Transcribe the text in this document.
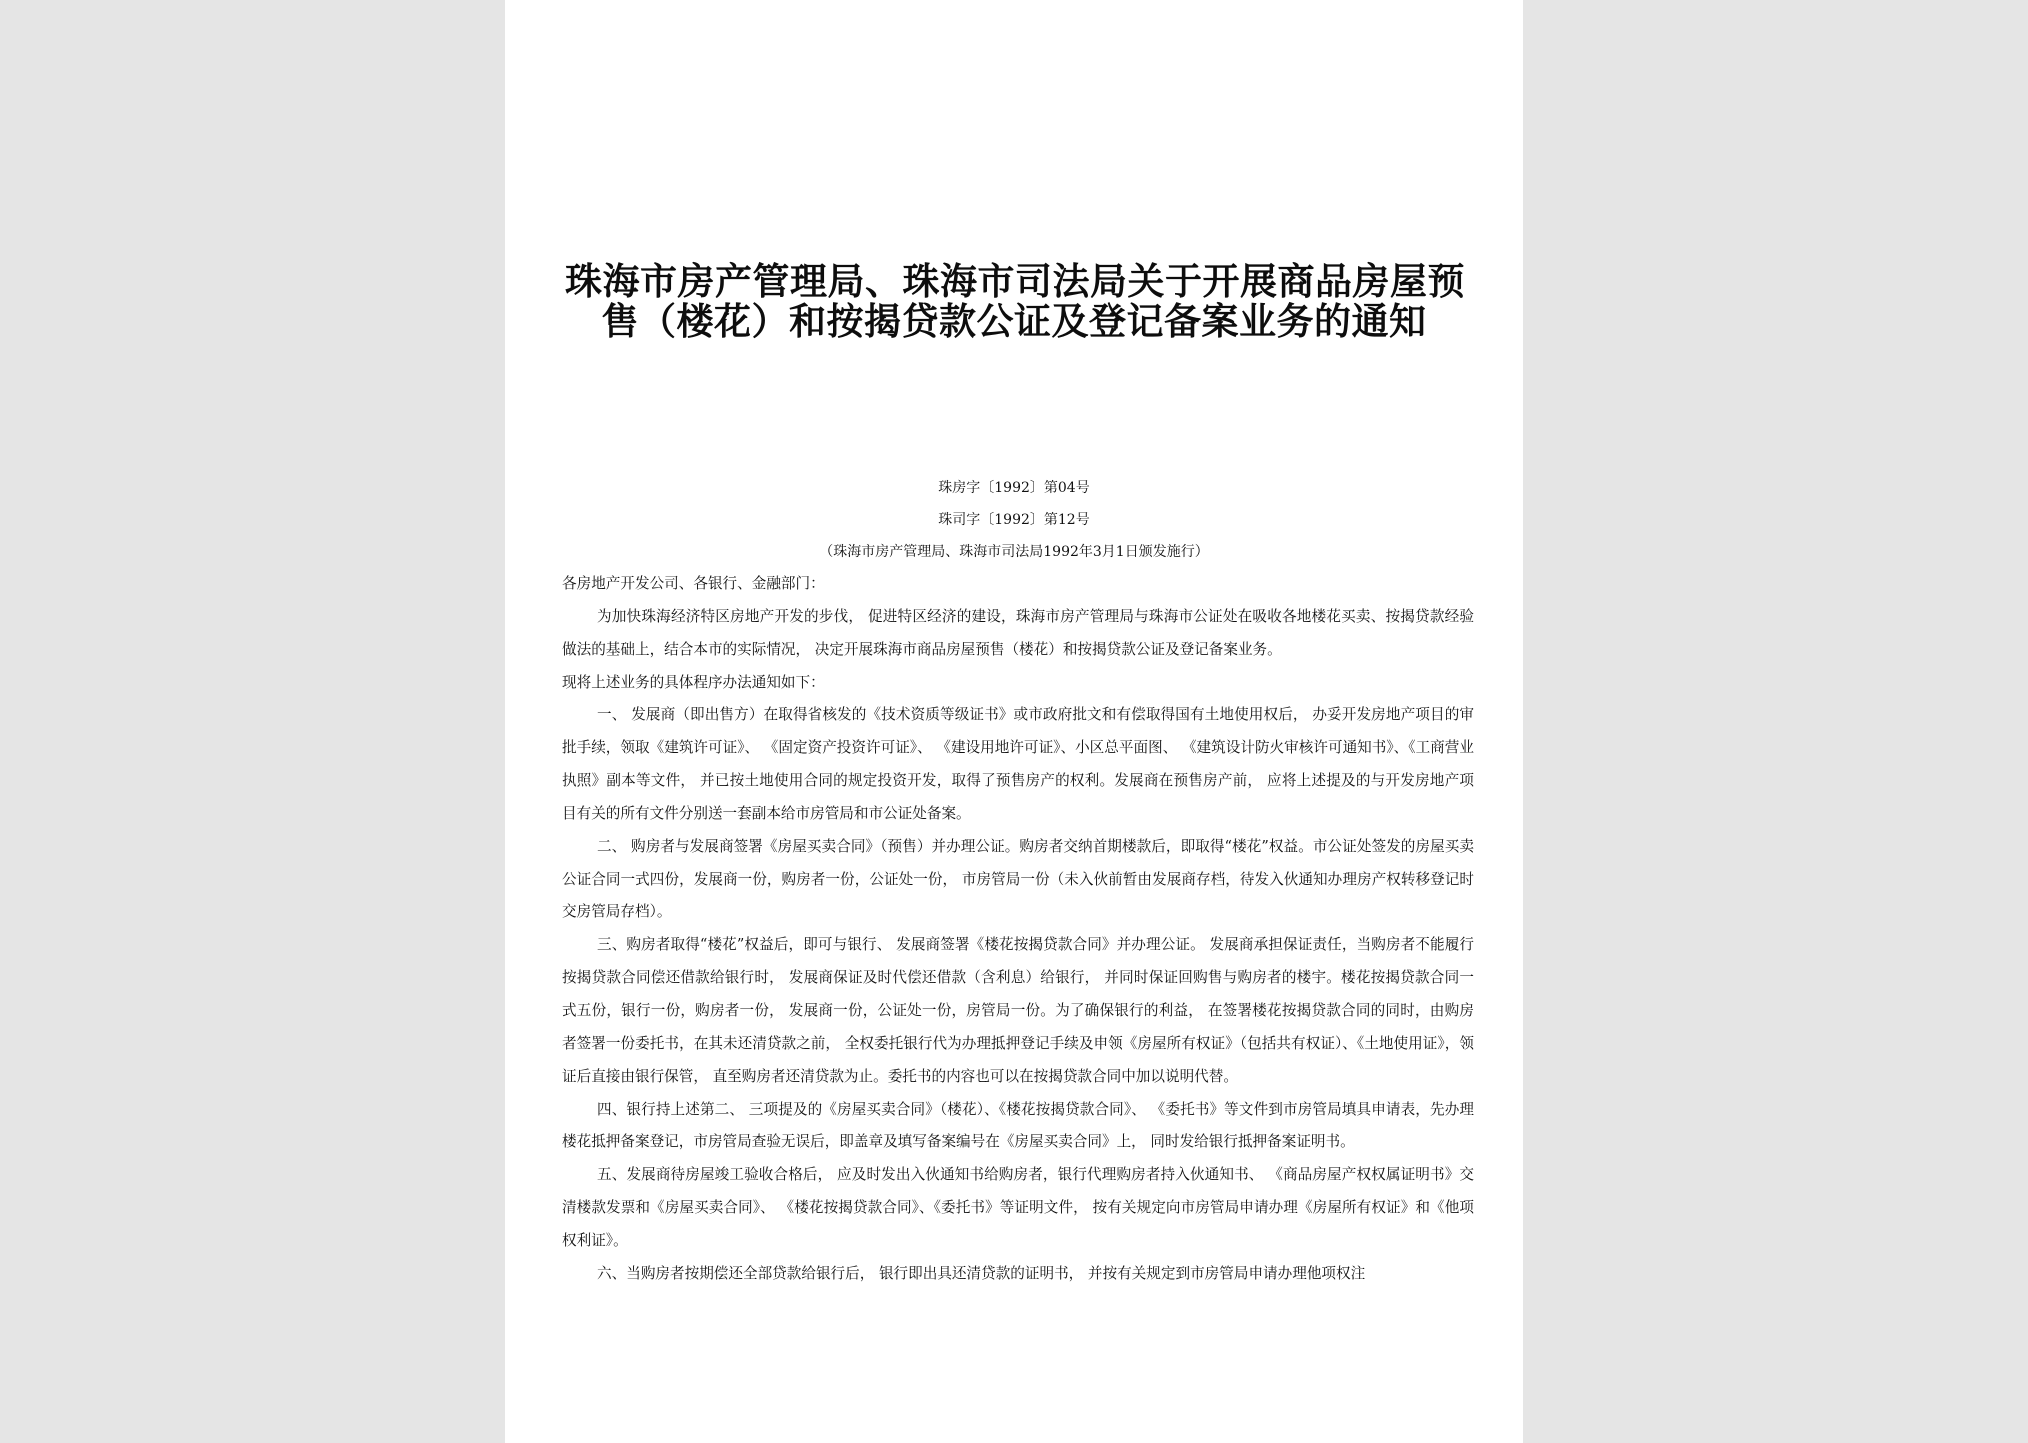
珠海市房产管理局、珠海市司法局关于开展商品房屋预
售（楼花）和按揭贷款公证及登记备案业务的通知
珠房字〔1992〕第04号
珠司字〔1992〕第12号
（珠海市房产管理局、珠海市司法局1992年3月1日颁发施行）

各房地产开发公司、各银行、金融部门：

为加快珠海经济特区房地产开发的步伐， 促进特区经济的建设，珠海市房产管理局与珠海市公证处在吸收各地楼花买卖、按揭贷款经验做法的基础上，结合本市的实际情况， 决定开展珠海市商品房屋预售（楼花）和按揭贷款公证及登记备案业务。

现将上述业务的具体程序办法通知如下：

一、 发展商（即出售方）在取得省核发的《技术资质等级证书》或市政府批文和有偿取得国有土地使用权后， 办妥开发房地产项目的审批手续，领取《建筑许可证》、 《固定资产投资许可证》、 《建设用地许可证》、小区总平面图、 《建筑设计防火审核许可通知书》、《工商营业执照》副本等文件， 并已按土地使用合同的规定投资开发，取得了预售房产的权利。发展商在预售房产前， 应将上述提及的与开发房地产项目有关的所有文件分别送一套副本给市房管局和市公证处备案。

二、 购房者与发展商签署《房屋买卖合同》（预售）并办理公证。购房者交纳首期楼款后，即取得“楼花”权益。市公证处签发的房屋买卖公证合同一式四份，发展商一份，购房者一份，公证处一份， 市房管局一份（未入伙前暂由发展商存档，待发入伙通知办理房产权转移登记时交房管局存档）。

三、购房者取得“楼花”权益后，即可与银行、 发展商签署《楼花按揭贷款合同》并办理公证。 发展商承担保证责任，当购房者不能履行按揭贷款合同偿还借款给银行时， 发展商保证及时代偿还借款（含利息）给银行， 并同时保证回购售与购房者的楼宇。楼花按揭贷款合同一式五份，银行一份，购房者一份， 发展商一份，公证处一份，房管局一份。为了确保银行的利益， 在签署楼花按揭贷款合同的同时，由购房者签署一份委托书，在其未还清贷款之前， 全权委托银行代为办理抵押登记手续及申领《房屋所有权证》（包括共有权证）、《土地使用证》，领证后直接由银行保管， 直至购房者还清贷款为止。委托书的内容也可以在按揭贷款合同中加以说明代替。

四、银行持上述第二、 三项提及的《房屋买卖合同》（楼花）、《楼花按揭贷款合同》、 《委托书》等文件到市房管局填具申请表，先办理楼花抵押备案登记，市房管局查验无误后，即盖章及填写备案编号在《房屋买卖合同》上， 同时发给银行抵押备案证明书。

五、发展商待房屋竣工验收合格后， 应及时发出入伙通知书给购房者，银行代理购房者持入伙通知书、 《商品房屋产权权属证明书》交清楼款发票和《房屋买卖合同》、 《楼花按揭贷款合同》、《委托书》等证明文件， 按有关规定向市房管局申请办理《房屋所有权证》和《他项权利证》。

六、当购房者按期偿还全部贷款给银行后， 银行即出具还清贷款的证明书， 并按有关规定到市房管局申请办理他项权注
